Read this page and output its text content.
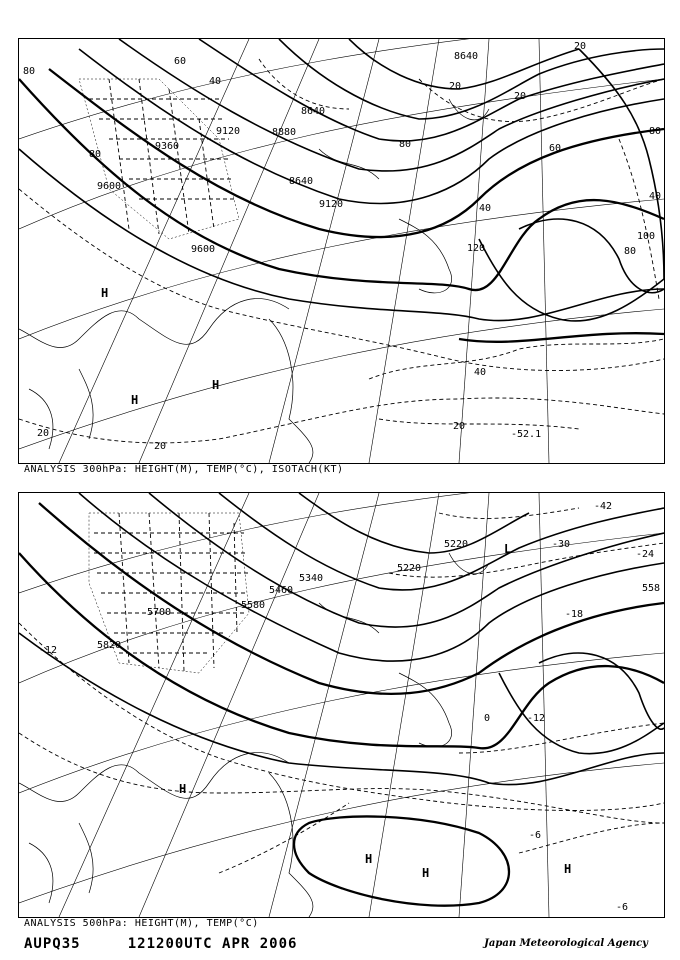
8640
8640
9120	8880
9360
8640
9600
9120
9600
80
80
40
60
80	60
40
80
40
100
120
20
20
20
40
20
20
20
80
H
H
H
-52.1
ANALYSIS 300hPa: HEIGHT(M), TEMP(°C), ISOTACH(KT)
5220
5220
5340
5460
5580
5700
5820
558
-42
-30
-24
-18
-12
-6
-6
0
-12
L
H
H
H
H
ANALYSIS 500hPa: HEIGHT(M), TEMP(°C)
AUPQ35	121200UTC APR 2006	Japan Meteorological Agency
